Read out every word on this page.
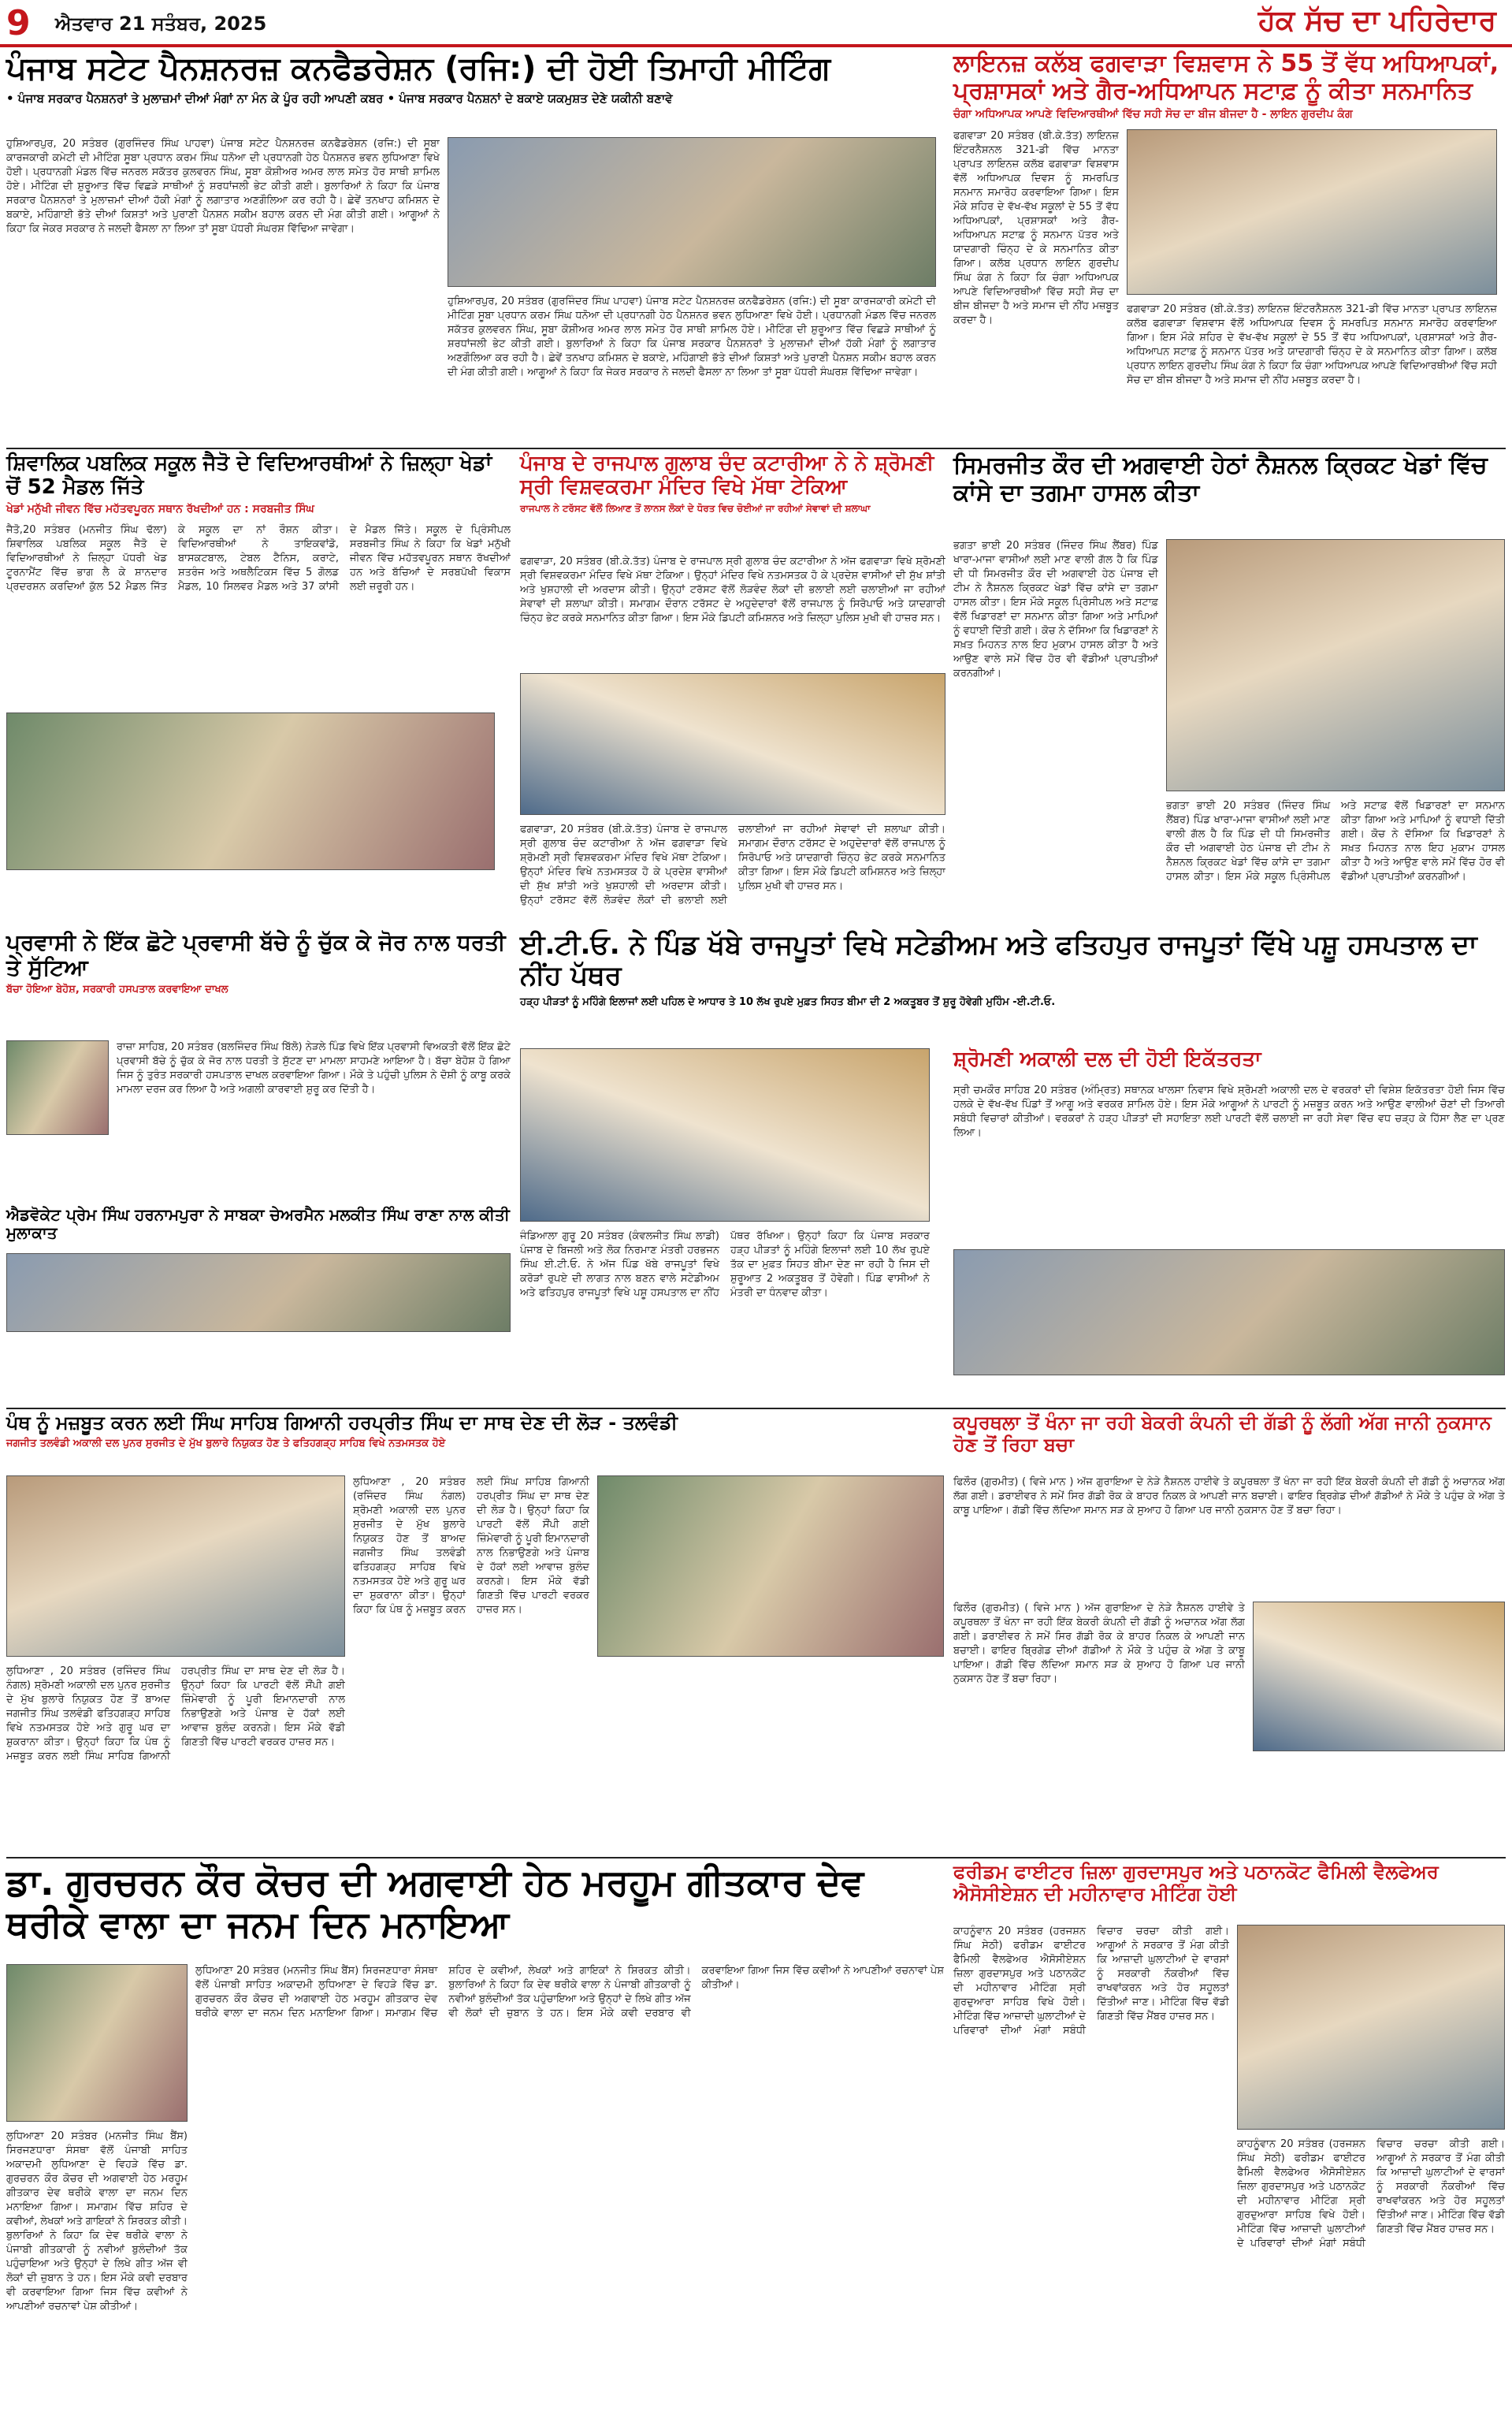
9 ਐਤਵਾਰ 21 ਸਤੰਬਰ, 2025	ਹੱਕ ਸੱਚ ਦਾ ਪਹਿਰੇਦਾਰ
ਪੰਜਾਬ ਸਟੇਟ ਪੈਨਸ਼ਨਰਜ਼ ਕਨਫੈਡਰੇਸ਼ਨ (ਰਜਿ:) ਦੀ ਹੋਈ ਤਿਮਾਹੀ ਮੀਟਿੰਗ
• ਪੰਜਾਬ ਸਰਕਾਰ ਪੈਨਸ਼ਨਰਾਂ ਤੇ ਮੁਲਾਜ਼ਮਾਂ ਦੀਆਂ ਮੰਗਾਂ ਨਾ ਮੰਨ ਕੇ ਪੂੰਰ ਰਹੀ ਆਪਣੀ ਕਬਰ • ਪੰਜਾਬ ਸਰਕਾਰ ਪੈਨਸ਼ਨਾਂ ਦੇ ਬਕਾਏ ਯਕਮੁਸ਼ਤ ਦੇਣੇ ਯਕੀਨੀ ਬਣਾਵੇ
ਹੁਸ਼ਿਆਰਪੁਰ, 20 ਸਤੰਬਰ (ਗੁਰਜਿੰਦਰ ਸਿੰਘ ਪਾਹਵਾ) ਪੰਜਾਬ ਸਟੇਟ ਪੈਨਸ਼ਨਰਜ਼ ਕਨਫੈਡਰੇਸ਼ਨ (ਰਜਿ:) ਦੀ ਸੂਬਾ ਕਾਰਜਕਾਰੀ ਕਮੇਟੀ ਦੀ ਮੀਟਿੰਗ ਸੂਬਾ ਪ੍ਰਧਾਨ ਕਰਮ ਸਿੰਘ ਧਨੋਆ ਦੀ ਪ੍ਰਧਾਨਗੀ ਹੇਠ ਪੈਨਸ਼ਨਰ ਭਵਨ ਲੁਧਿਆਣਾ ਵਿਖੇ ਹੋਈ। ਪ੍ਰਧਾਨਗੀ ਮੰਡਲ ਵਿੱਚ ਜਨਰਲ ਸਕੱਤਰ ਕੁਲਵਰਨ ਸਿੰਘ, ਸੂਬਾ ਕੋਸ਼ੀਅਰ ਅਮਰ ਲਾਲ ਸਮੇਤ ਹੋਰ ਸਾਥੀ ਸ਼ਾਮਿਲ ਹੋਏ। ਮੀਟਿੰਗ ਦੀ ਸ਼ੁਰੂਆਤ ਵਿੱਚ ਵਿਛੜੇ ਸਾਥੀਆਂ ਨੂੰ ਸ਼ਰਧਾਂਜਲੀ ਭੇਟ ਕੀਤੀ ਗਈ। ਬੁਲਾਰਿਆਂ ਨੇ ਕਿਹਾ ਕਿ ਪੰਜਾਬ ਸਰਕਾਰ ਪੈਨਸ਼ਨਰਾਂ ਤੇ ਮੁਲਾਜ਼ਮਾਂ ਦੀਆਂ ਹੱਕੀ ਮੰਗਾਂ ਨੂੰ ਲਗਾਤਾਰ ਅਣਗੌਲਿਆ ਕਰ ਰਹੀ ਹੈ। ਛੇਵੇਂ ਤਨਖਾਹ ਕਮਿਸ਼ਨ ਦੇ ਬਕਾਏ, ਮਹਿੰਗਾਈ ਭੱਤੇ ਦੀਆਂ ਕਿਸ਼ਤਾਂ ਅਤੇ ਪੁਰਾਣੀ ਪੈਨਸ਼ਨ ਸਕੀਮ ਬਹਾਲ ਕਰਨ ਦੀ ਮੰਗ ਕੀਤੀ ਗਈ। ਆਗੂਆਂ ਨੇ ਕਿਹਾ ਕਿ ਜੇਕਰ ਸਰਕਾਰ ਨੇ ਜਲਦੀ ਫੈਸਲਾ ਨਾ ਲਿਆ ਤਾਂ ਸੂਬਾ ਪੱਧਰੀ ਸੰਘਰਸ਼ ਵਿੱਢਿਆ ਜਾਵੇਗਾ।
ਹੁਸ਼ਿਆਰਪੁਰ, 20 ਸਤੰਬਰ (ਗੁਰਜਿੰਦਰ ਸਿੰਘ ਪਾਹਵਾ) ਪੰਜਾਬ ਸਟੇਟ ਪੈਨਸ਼ਨਰਜ਼ ਕਨਫੈਡਰੇਸ਼ਨ (ਰਜਿ:) ਦੀ ਸੂਬਾ ਕਾਰਜਕਾਰੀ ਕਮੇਟੀ ਦੀ ਮੀਟਿੰਗ ਸੂਬਾ ਪ੍ਰਧਾਨ ਕਰਮ ਸਿੰਘ ਧਨੋਆ ਦੀ ਪ੍ਰਧਾਨਗੀ ਹੇਠ ਪੈਨਸ਼ਨਰ ਭਵਨ ਲੁਧਿਆਣਾ ਵਿਖੇ ਹੋਈ। ਪ੍ਰਧਾਨਗੀ ਮੰਡਲ ਵਿੱਚ ਜਨਰਲ ਸਕੱਤਰ ਕੁਲਵਰਨ ਸਿੰਘ, ਸੂਬਾ ਕੋਸ਼ੀਅਰ ਅਮਰ ਲਾਲ ਸਮੇਤ ਹੋਰ ਸਾਥੀ ਸ਼ਾਮਿਲ ਹੋਏ। ਮੀਟਿੰਗ ਦੀ ਸ਼ੁਰੂਆਤ ਵਿੱਚ ਵਿਛੜੇ ਸਾਥੀਆਂ ਨੂੰ ਸ਼ਰਧਾਂਜਲੀ ਭੇਟ ਕੀਤੀ ਗਈ। ਬੁਲਾਰਿਆਂ ਨੇ ਕਿਹਾ ਕਿ ਪੰਜਾਬ ਸਰਕਾਰ ਪੈਨਸ਼ਨਰਾਂ ਤੇ ਮੁਲਾਜ਼ਮਾਂ ਦੀਆਂ ਹੱਕੀ ਮੰਗਾਂ ਨੂੰ ਲਗਾਤਾਰ ਅਣਗੌਲਿਆ ਕਰ ਰਹੀ ਹੈ। ਛੇਵੇਂ ਤਨਖਾਹ ਕਮਿਸ਼ਨ ਦੇ ਬਕਾਏ, ਮਹਿੰਗਾਈ ਭੱਤੇ ਦੀਆਂ ਕਿਸ਼ਤਾਂ ਅਤੇ ਪੁਰਾਣੀ ਪੈਨਸ਼ਨ ਸਕੀਮ ਬਹਾਲ ਕਰਨ ਦੀ ਮੰਗ ਕੀਤੀ ਗਈ। ਆਗੂਆਂ ਨੇ ਕਿਹਾ ਕਿ ਜੇਕਰ ਸਰਕਾਰ ਨੇ ਜਲਦੀ ਫੈਸਲਾ ਨਾ ਲਿਆ ਤਾਂ ਸੂਬਾ ਪੱਧਰੀ ਸੰਘਰਸ਼ ਵਿੱਢਿਆ ਜਾਵੇਗਾ।
ਲਾਇਨਜ਼ ਕਲੱਬ ਫਗਵਾੜਾ ਵਿਸ਼ਵਾਸ ਨੇ 55 ਤੋਂ ਵੱਧ ਅਧਿਆਪਕਾਂ, ਪ੍ਰਸ਼ਾਸਕਾਂ ਅਤੇ ਗੈਰ-ਅਧਿਆਪਨ ਸਟਾਫ਼ ਨੂੰ ਕੀਤਾ ਸਨਮਾਨਿਤ
ਚੰਗਾ ਅਧਿਆਪਕ ਆਪਣੇ ਵਿਦਿਆਰਥੀਆਂ ਵਿੱਚ ਸਹੀ ਸੋਚ ਦਾ ਬੀਜ ਬੀਜਦਾ ਹੈ - ਲਾਇਨ ਗੁਰਦੀਪ ਕੰਗ
ਫਗਵਾੜਾ 20 ਸਤੰਬਰ (ਬੀ.ਕੇ.ਤੱਤ) ਲਾਇਨਜ਼ ਇੰਟਰਨੈਸ਼ਨਲ 321-ਡੀ ਵਿੱਚ ਮਾਨਤਾ ਪ੍ਰਾਪਤ ਲਾਇਨਜ਼ ਕਲੱਬ ਫਗਵਾੜਾ ਵਿਸ਼ਵਾਸ ਵੱਲੋਂ ਅਧਿਆਪਕ ਦਿਵਸ ਨੂੰ ਸਮਰਪਿਤ ਸਨਮਾਨ ਸਮਾਰੋਹ ਕਰਵਾਇਆ ਗਿਆ। ਇਸ ਮੌਕੇ ਸ਼ਹਿਰ ਦੇ ਵੱਖ-ਵੱਖ ਸਕੂਲਾਂ ਦੇ 55 ਤੋਂ ਵੱਧ ਅਧਿਆਪਕਾਂ, ਪ੍ਰਸ਼ਾਸਕਾਂ ਅਤੇ ਗੈਰ-ਅਧਿਆਪਨ ਸਟਾਫ਼ ਨੂੰ ਸਨਮਾਨ ਪੱਤਰ ਅਤੇ ਯਾਦਗਾਰੀ ਚਿੰਨ੍ਹ ਦੇ ਕੇ ਸਨਮਾਨਿਤ ਕੀਤਾ ਗਿਆ। ਕਲੱਬ ਪ੍ਰਧਾਨ ਲਾਇਨ ਗੁਰਦੀਪ ਸਿੰਘ ਕੰਗ ਨੇ ਕਿਹਾ ਕਿ ਚੰਗਾ ਅਧਿਆਪਕ ਆਪਣੇ ਵਿਦਿਆਰਥੀਆਂ ਵਿੱਚ ਸਹੀ ਸੋਚ ਦਾ ਬੀਜ ਬੀਜਦਾ ਹੈ ਅਤੇ ਸਮਾਜ ਦੀ ਨੀਂਹ ਮਜ਼ਬੂਤ ਕਰਦਾ ਹੈ।
ਫਗਵਾੜਾ 20 ਸਤੰਬਰ (ਬੀ.ਕੇ.ਤੱਤ) ਲਾਇਨਜ਼ ਇੰਟਰਨੈਸ਼ਨਲ 321-ਡੀ ਵਿੱਚ ਮਾਨਤਾ ਪ੍ਰਾਪਤ ਲਾਇਨਜ਼ ਕਲੱਬ ਫਗਵਾੜਾ ਵਿਸ਼ਵਾਸ ਵੱਲੋਂ ਅਧਿਆਪਕ ਦਿਵਸ ਨੂੰ ਸਮਰਪਿਤ ਸਨਮਾਨ ਸਮਾਰੋਹ ਕਰਵਾਇਆ ਗਿਆ। ਇਸ ਮੌਕੇ ਸ਼ਹਿਰ ਦੇ ਵੱਖ-ਵੱਖ ਸਕੂਲਾਂ ਦੇ 55 ਤੋਂ ਵੱਧ ਅਧਿਆਪਕਾਂ, ਪ੍ਰਸ਼ਾਸਕਾਂ ਅਤੇ ਗੈਰ-ਅਧਿਆਪਨ ਸਟਾਫ਼ ਨੂੰ ਸਨਮਾਨ ਪੱਤਰ ਅਤੇ ਯਾਦਗਾਰੀ ਚਿੰਨ੍ਹ ਦੇ ਕੇ ਸਨਮਾਨਿਤ ਕੀਤਾ ਗਿਆ। ਕਲੱਬ ਪ੍ਰਧਾਨ ਲਾਇਨ ਗੁਰਦੀਪ ਸਿੰਘ ਕੰਗ ਨੇ ਕਿਹਾ ਕਿ ਚੰਗਾ ਅਧਿਆਪਕ ਆਪਣੇ ਵਿਦਿਆਰਥੀਆਂ ਵਿੱਚ ਸਹੀ ਸੋਚ ਦਾ ਬੀਜ ਬੀਜਦਾ ਹੈ ਅਤੇ ਸਮਾਜ ਦੀ ਨੀਂਹ ਮਜ਼ਬੂਤ ਕਰਦਾ ਹੈ।
ਸ਼ਿਵਾਲਿਕ ਪਬਲਿਕ ਸਕੂਲ ਜੈਤੋ ਦੇ ਵਿਦਿਆਰਥੀਆਂ ਨੇ ਜ਼ਿਲ੍ਹਾ ਖੇਡਾਂ ਚੋਂ 52 ਮੈਡਲ ਜਿੱਤੇ
ਖੇਡਾਂ ਮਨੁੱਖੀ ਜੀਵਨ ਵਿੱਚ ਮਹੱਤਵਪੂਰਨ ਸਥਾਨ ਰੱਖਦੀਆਂ ਹਨ : ਸਰਬਜੀਤ ਸਿੰਘ
ਜੈਤੋ,20 ਸਤੰਬਰ (ਮਨਜੀਤ ਸਿੰਘ ਢੱਲਾ) ਸ਼ਿਵਾਲਿਕ ਪਬਲਿਕ ਸਕੂਲ ਜੈਤੋ ਦੇ ਵਿਦਿਆਰਥੀਆਂ ਨੇ ਜ਼ਿਲ੍ਹਾ ਪੱਧਰੀ ਖੇਡ ਟੂਰਨਾਮੈਂਟ ਵਿੱਚ ਭਾਗ ਲੈ ਕੇ ਸ਼ਾਨਦਾਰ ਪ੍ਰਦਰਸ਼ਨ ਕਰਦਿਆਂ ਕੁੱਲ 52 ਮੈਡਲ ਜਿੱਤ ਕੇ ਸਕੂਲ ਦਾ ਨਾਂ ਰੌਸ਼ਨ ਕੀਤਾ। ਵਿਦਿਆਰਥੀਆਂ ਨੇ ਤਾਇਕਵਾਂਡੋ, ਬਾਸਕਟਬਾਲ, ਟੇਬਲ ਟੈਨਿਸ, ਕਰਾਟੇ, ਸ਼ਤਰੰਜ ਅਤੇ ਅਥਲੈਟਿਕਸ ਵਿੱਚ 5 ਗੋਲਡ ਮੈਡਲ, 10 ਸਿਲਵਰ ਮੈਡਲ ਅਤੇ 37 ਕਾਂਸੀ ਦੇ ਮੈਡਲ ਜਿੱਤੇ। ਸਕੂਲ ਦੇ ਪ੍ਰਿੰਸੀਪਲ ਸਰਬਜੀਤ ਸਿੰਘ ਨੇ ਕਿਹਾ ਕਿ ਖੇਡਾਂ ਮਨੁੱਖੀ ਜੀਵਨ ਵਿੱਚ ਮਹੱਤਵਪੂਰਨ ਸਥਾਨ ਰੱਖਦੀਆਂ ਹਨ ਅਤੇ ਬੱਚਿਆਂ ਦੇ ਸਰਬਪੱਖੀ ਵਿਕਾਸ ਲਈ ਜ਼ਰੂਰੀ ਹਨ।
ਪੰਜਾਬ ਦੇ ਰਾਜਪਾਲ ਗੁਲਾਬ ਚੰਦ ਕਟਾਰੀਆ ਨੇ ਨੇ ਸ਼੍ਰੋਮਣੀ ਸ੍ਰੀ ਵਿਸ਼ਵਕਰਮਾ ਮੰਦਿਰ ਵਿਖੇ ਮੱਥਾ ਟੇਕਿਆ
ਰਾਜਪਾਲ ਨੇ ਟਰੱਸਟ ਵੱਲੋਂ ਲਿਆਣ ਤੋਂ ਲਾਨਸ ਲੋਕਾਂ ਦੇ ਧੋਰਤ ਵਿਚ ਚੋਈਆਂ ਜਾ ਰਹੀਆਂ ਸੇਵਾਵਾਂ ਦੀ ਸ਼ਲਾਘਾ
ਫਗਵਾੜਾ, 20 ਸਤੰਬਰ (ਬੀ.ਕੇ.ਤੱਤ) ਪੰਜਾਬ ਦੇ ਰਾਜਪਾਲ ਸ੍ਰੀ ਗੁਲਾਬ ਚੰਦ ਕਟਾਰੀਆ ਨੇ ਅੱਜ ਫਗਵਾੜਾ ਵਿਖੇ ਸ਼੍ਰੋਮਣੀ ਸ੍ਰੀ ਵਿਸ਼ਵਕਰਮਾ ਮੰਦਿਰ ਵਿਖੇ ਮੱਥਾ ਟੇਕਿਆ। ਉਨ੍ਹਾਂ ਮੰਦਿਰ ਵਿਖੇ ਨਤਮਸਤਕ ਹੋ ਕੇ ਪ੍ਰਦੇਸ਼ ਵਾਸੀਆਂ ਦੀ ਸੁੱਖ ਸ਼ਾਂਤੀ ਅਤੇ ਖੁਸ਼ਹਾਲੀ ਦੀ ਅਰਦਾਸ ਕੀਤੀ। ਉਨ੍ਹਾਂ ਟਰੱਸਟ ਵੱਲੋਂ ਲੋੜਵੰਦ ਲੋਕਾਂ ਦੀ ਭਲਾਈ ਲਈ ਚਲਾਈਆਂ ਜਾ ਰਹੀਆਂ ਸੇਵਾਵਾਂ ਦੀ ਸ਼ਲਾਘਾ ਕੀਤੀ। ਸਮਾਗਮ ਦੌਰਾਨ ਟਰੱਸਟ ਦੇ ਅਹੁਦੇਦਾਰਾਂ ਵੱਲੋਂ ਰਾਜਪਾਲ ਨੂੰ ਸਿਰੋਪਾਓ ਅਤੇ ਯਾਦਗਾਰੀ ਚਿੰਨ੍ਹ ਭੇਟ ਕਰਕੇ ਸਨਮਾਨਿਤ ਕੀਤਾ ਗਿਆ। ਇਸ ਮੌਕੇ ਡਿਪਟੀ ਕਮਿਸ਼ਨਰ ਅਤੇ ਜ਼ਿਲ੍ਹਾ ਪੁਲਿਸ ਮੁਖੀ ਵੀ ਹਾਜ਼ਰ ਸਨ।
ਫਗਵਾੜਾ, 20 ਸਤੰਬਰ (ਬੀ.ਕੇ.ਤੱਤ) ਪੰਜਾਬ ਦੇ ਰਾਜਪਾਲ ਸ੍ਰੀ ਗੁਲਾਬ ਚੰਦ ਕਟਾਰੀਆ ਨੇ ਅੱਜ ਫਗਵਾੜਾ ਵਿਖੇ ਸ਼੍ਰੋਮਣੀ ਸ੍ਰੀ ਵਿਸ਼ਵਕਰਮਾ ਮੰਦਿਰ ਵਿਖੇ ਮੱਥਾ ਟੇਕਿਆ। ਉਨ੍ਹਾਂ ਮੰਦਿਰ ਵਿਖੇ ਨਤਮਸਤਕ ਹੋ ਕੇ ਪ੍ਰਦੇਸ਼ ਵਾਸੀਆਂ ਦੀ ਸੁੱਖ ਸ਼ਾਂਤੀ ਅਤੇ ਖੁਸ਼ਹਾਲੀ ਦੀ ਅਰਦਾਸ ਕੀਤੀ। ਉਨ੍ਹਾਂ ਟਰੱਸਟ ਵੱਲੋਂ ਲੋੜਵੰਦ ਲੋਕਾਂ ਦੀ ਭਲਾਈ ਲਈ ਚਲਾਈਆਂ ਜਾ ਰਹੀਆਂ ਸੇਵਾਵਾਂ ਦੀ ਸ਼ਲਾਘਾ ਕੀਤੀ। ਸਮਾਗਮ ਦੌਰਾਨ ਟਰੱਸਟ ਦੇ ਅਹੁਦੇਦਾਰਾਂ ਵੱਲੋਂ ਰਾਜਪਾਲ ਨੂੰ ਸਿਰੋਪਾਓ ਅਤੇ ਯਾਦਗਾਰੀ ਚਿੰਨ੍ਹ ਭੇਟ ਕਰਕੇ ਸਨਮਾਨਿਤ ਕੀਤਾ ਗਿਆ। ਇਸ ਮੌਕੇ ਡਿਪਟੀ ਕਮਿਸ਼ਨਰ ਅਤੇ ਜ਼ਿਲ੍ਹਾ ਪੁਲਿਸ ਮੁਖੀ ਵੀ ਹਾਜ਼ਰ ਸਨ।
ਸਿਮਰਜੀਤ ਕੌਰ ਦੀ ਅਗਵਾਈ ਹੇਠਾਂ ਨੈਸ਼ਨਲ ਕ੍ਰਿਕਟ ਖੇਡਾਂ ਵਿੱਚ ਕਾਂਸੇ ਦਾ ਤਗਮਾ ਹਾਸਲ ਕੀਤਾ
ਭਗਤਾ ਭਾਈ 20 ਸਤੰਬਰ (ਜਿੰਦਰ ਸਿੰਘ ਲੈਂਬਰ) ਪਿੰਡ ਖਾਰਾ-ਮਾਜਾ ਵਾਸੀਆਂ ਲਈ ਮਾਣ ਵਾਲੀ ਗੱਲ ਹੈ ਕਿ ਪਿੰਡ ਦੀ ਧੀ ਸਿਮਰਜੀਤ ਕੌਰ ਦੀ ਅਗਵਾਈ ਹੇਠ ਪੰਜਾਬ ਦੀ ਟੀਮ ਨੇ ਨੈਸ਼ਨਲ ਕ੍ਰਿਕਟ ਖੇਡਾਂ ਵਿੱਚ ਕਾਂਸੇ ਦਾ ਤਗਮਾ ਹਾਸਲ ਕੀਤਾ। ਇਸ ਮੌਕੇ ਸਕੂਲ ਪ੍ਰਿੰਸੀਪਲ ਅਤੇ ਸਟਾਫ਼ ਵੱਲੋਂ ਖਿਡਾਰਣਾਂ ਦਾ ਸਨਮਾਨ ਕੀਤਾ ਗਿਆ ਅਤੇ ਮਾਪਿਆਂ ਨੂੰ ਵਧਾਈ ਦਿੱਤੀ ਗਈ। ਕੋਚ ਨੇ ਦੱਸਿਆ ਕਿ ਖਿਡਾਰਣਾਂ ਨੇ ਸਖ਼ਤ ਮਿਹਨਤ ਨਾਲ ਇਹ ਮੁਕਾਮ ਹਾਸਲ ਕੀਤਾ ਹੈ ਅਤੇ ਆਉਣ ਵਾਲੇ ਸਮੇਂ ਵਿੱਚ ਹੋਰ ਵੀ ਵੱਡੀਆਂ ਪ੍ਰਾਪਤੀਆਂ ਕਰਨਗੀਆਂ।
ਭਗਤਾ ਭਾਈ 20 ਸਤੰਬਰ (ਜਿੰਦਰ ਸਿੰਘ ਲੈਂਬਰ) ਪਿੰਡ ਖਾਰਾ-ਮਾਜਾ ਵਾਸੀਆਂ ਲਈ ਮਾਣ ਵਾਲੀ ਗੱਲ ਹੈ ਕਿ ਪਿੰਡ ਦੀ ਧੀ ਸਿਮਰਜੀਤ ਕੌਰ ਦੀ ਅਗਵਾਈ ਹੇਠ ਪੰਜਾਬ ਦੀ ਟੀਮ ਨੇ ਨੈਸ਼ਨਲ ਕ੍ਰਿਕਟ ਖੇਡਾਂ ਵਿੱਚ ਕਾਂਸੇ ਦਾ ਤਗਮਾ ਹਾਸਲ ਕੀਤਾ। ਇਸ ਮੌਕੇ ਸਕੂਲ ਪ੍ਰਿੰਸੀਪਲ ਅਤੇ ਸਟਾਫ਼ ਵੱਲੋਂ ਖਿਡਾਰਣਾਂ ਦਾ ਸਨਮਾਨ ਕੀਤਾ ਗਿਆ ਅਤੇ ਮਾਪਿਆਂ ਨੂੰ ਵਧਾਈ ਦਿੱਤੀ ਗਈ। ਕੋਚ ਨੇ ਦੱਸਿਆ ਕਿ ਖਿਡਾਰਣਾਂ ਨੇ ਸਖ਼ਤ ਮਿਹਨਤ ਨਾਲ ਇਹ ਮੁਕਾਮ ਹਾਸਲ ਕੀਤਾ ਹੈ ਅਤੇ ਆਉਣ ਵਾਲੇ ਸਮੇਂ ਵਿੱਚ ਹੋਰ ਵੀ ਵੱਡੀਆਂ ਪ੍ਰਾਪਤੀਆਂ ਕਰਨਗੀਆਂ।
ਪ੍ਰਵਾਸੀ ਨੇ ਇੱਕ ਛੋਟੇ ਪ੍ਰਵਾਸੀ ਬੱਚੇ ਨੂੰ ਚੁੱਕ ਕੇ ਜੋਰ ਨਾਲ ਧਰਤੀ ਤੇ ਸੁੱਟਿਆ
ਬੱਚਾ ਹੋਇਆ ਬੇਹੋਸ਼, ਸਰਕਾਰੀ ਹਸਪਤਾਲ ਕਰਵਾਇਆ ਦਾਖਲ
ਰਾਜ਼ਾ ਸਾਹਿਬ, 20 ਸਤੰਬਰ (ਬਲਜਿੰਦਰ ਸਿੰਘ ਬਿੱਲੋ) ਨੇੜਲੇ ਪਿੰਡ ਵਿਖੇ ਇੱਕ ਪ੍ਰਵਾਸੀ ਵਿਅਕਤੀ ਵੱਲੋਂ ਇੱਕ ਛੋਟੇ ਪ੍ਰਵਾਸੀ ਬੱਚੇ ਨੂੰ ਚੁੱਕ ਕੇ ਜੋਰ ਨਾਲ ਧਰਤੀ ਤੇ ਸੁੱਟਣ ਦਾ ਮਾਮਲਾ ਸਾਹਮਣੇ ਆਇਆ ਹੈ। ਬੱਚਾ ਬੇਹੋਸ਼ ਹੋ ਗਿਆ ਜਿਸ ਨੂੰ ਤੁਰੰਤ ਸਰਕਾਰੀ ਹਸਪਤਾਲ ਦਾਖਲ ਕਰਵਾਇਆ ਗਿਆ। ਮੌਕੇ ਤੇ ਪਹੁੰਚੀ ਪੁਲਿਸ ਨੇ ਦੋਸ਼ੀ ਨੂੰ ਕਾਬੂ ਕਰਕੇ ਮਾਮਲਾ ਦਰਜ ਕਰ ਲਿਆ ਹੈ ਅਤੇ ਅਗਲੀ ਕਾਰਵਾਈ ਸ਼ੁਰੂ ਕਰ ਦਿੱਤੀ ਹੈ।
ਐਡਵੋਕੇਟ ਪ੍ਰੇਮ ਸਿੰਘ ਹਰਨਾਮਪੁਰਾ ਨੇ ਸਾਬਕਾ ਚੇਅਰਮੈਨ ਮਲਕੀਤ ਸਿੰਘ ਰਾਣਾ ਨਾਲ ਕੀਤੀ ਮੁਲਾਕਾਤ
ਈ.ਟੀ.ਓ. ਨੇ ਪਿੰਡ ਖੱਬੇ ਰਾਜਪੂਤਾਂ ਵਿਖੇ ਸਟੇਡੀਅਮ ਅਤੇ ਫਤਿਹਪੁਰ ਰਾਜਪੂਤਾਂ ਵਿੱਖੇ ਪਸ਼ੂ ਹਸਪਤਾਲ ਦਾ ਨੀਂਹ ਪੱਥਰ
ਹੜ੍ਹ ਪੀੜਤਾਂ ਨੂੰ ਮਹਿੰਗੇ ਇਲਾਜਾਂ ਲਈ ਪਹਿਲ ਦੇ ਆਧਾਰ ਤੇ 10 ਲੱਖ ਰੁਪਏ ਮੁਫ਼ਤ ਸਿਹਤ ਬੀਮਾ ਦੀ 2 ਅਕਤੂਬਰ ਤੋਂ ਸ਼ੁਰੂ ਹੋਵੇਗੀ ਮੁਹਿੰਮ -ਈ.ਟੀ.ਓ.
ਜੰਡਿਆਲਾ ਗੁਰੂ 20 ਸਤੰਬਰ (ਕੰਵਲਜੀਤ ਸਿੰਘ ਲਾਡੀ) ਪੰਜਾਬ ਦੇ ਬਿਜਲੀ ਅਤੇ ਲੋਕ ਨਿਰਮਾਣ ਮੰਤਰੀ ਹਰਭਜਨ ਸਿੰਘ ਈ.ਟੀ.ਓ. ਨੇ ਅੱਜ ਪਿੰਡ ਖੱਬੇ ਰਾਜਪੂਤਾਂ ਵਿਖੇ ਕਰੋੜਾਂ ਰੁਪਏ ਦੀ ਲਾਗਤ ਨਾਲ ਬਣਨ ਵਾਲੇ ਸਟੇਡੀਅਮ ਅਤੇ ਫਤਿਹਪੁਰ ਰਾਜਪੂਤਾਂ ਵਿਖੇ ਪਸ਼ੂ ਹਸਪਤਾਲ ਦਾ ਨੀਂਹ ਪੱਥਰ ਰੱਖਿਆ। ਉਨ੍ਹਾਂ ਕਿਹਾ ਕਿ ਪੰਜਾਬ ਸਰਕਾਰ ਹੜ੍ਹ ਪੀੜਤਾਂ ਨੂੰ ਮਹਿੰਗੇ ਇਲਾਜਾਂ ਲਈ 10 ਲੱਖ ਰੁਪਏ ਤੱਕ ਦਾ ਮੁਫ਼ਤ ਸਿਹਤ ਬੀਮਾ ਦੇਣ ਜਾ ਰਹੀ ਹੈ ਜਿਸ ਦੀ ਸ਼ੁਰੂਆਤ 2 ਅਕਤੂਬਰ ਤੋਂ ਹੋਵੇਗੀ। ਪਿੰਡ ਵਾਸੀਆਂ ਨੇ ਮੰਤਰੀ ਦਾ ਧੰਨਵਾਦ ਕੀਤਾ।
ਸ਼੍ਰੋਮਣੀ ਅਕਾਲੀ ਦਲ ਦੀ ਹੋਈ ਇਕੱਤਰਤਾ
ਸ੍ਰੀ ਚਮਕੌਰ ਸਾਹਿਬ 20 ਸਤੰਬਰ (ਅੰਮ੍ਰਿਤ) ਸਥਾਨਕ ਖਾਲਸਾ ਨਿਵਾਸ ਵਿਖੇ ਸ਼੍ਰੋਮਣੀ ਅਕਾਲੀ ਦਲ ਦੇ ਵਰਕਰਾਂ ਦੀ ਵਿਸ਼ੇਸ਼ ਇਕੱਤਰਤਾ ਹੋਈ ਜਿਸ ਵਿੱਚ ਹਲਕੇ ਦੇ ਵੱਖ-ਵੱਖ ਪਿੰਡਾਂ ਤੋਂ ਆਗੂ ਅਤੇ ਵਰਕਰ ਸ਼ਾਮਿਲ ਹੋਏ। ਇਸ ਮੌਕੇ ਆਗੂਆਂ ਨੇ ਪਾਰਟੀ ਨੂੰ ਮਜ਼ਬੂਤ ਕਰਨ ਅਤੇ ਆਉਣ ਵਾਲੀਆਂ ਚੋਣਾਂ ਦੀ ਤਿਆਰੀ ਸਬੰਧੀ ਵਿਚਾਰਾਂ ਕੀਤੀਆਂ। ਵਰਕਰਾਂ ਨੇ ਹੜ੍ਹ ਪੀੜਤਾਂ ਦੀ ਸਹਾਇਤਾ ਲਈ ਪਾਰਟੀ ਵੱਲੋਂ ਚਲਾਈ ਜਾ ਰਹੀ ਸੇਵਾ ਵਿੱਚ ਵਧ ਚੜ੍ਹ ਕੇ ਹਿੱਸਾ ਲੈਣ ਦਾ ਪ੍ਰਣ ਲਿਆ।
ਪੰਥ ਨੂੰ ਮਜ਼ਬੂਤ ਕਰਨ ਲਈ ਸਿੰਘ ਸਾਹਿਬ ਗਿਆਨੀ ਹਰਪ੍ਰੀਤ ਸਿੰਘ ਦਾ ਸਾਥ ਦੇਣ ਦੀ ਲੋੜ - ਤਲਵੰਡੀ
ਜਗਜੀਤ ਤਲਵੰਡੀ ਅਕਾਲੀ ਦਲ ਪੁਨਰ ਸੁਰਜੀਤ ਦੇ ਮੁੱਖ ਬੁਲਾਰੇ ਨਿਯੁਕਤ ਹੋਣ ਤੇ ਫਤਿਹਗੜ੍ਹ ਸਾਹਿਬ ਵਿਖੇ ਨਤਮਸਤਕ ਹੋਏ
ਲੁਧਿਆਣਾ , 20 ਸਤੰਬਰ (ਰਜਿੰਦਰ ਸਿੰਘ ਨੰਗਲ) ਸ਼੍ਰੋਮਣੀ ਅਕਾਲੀ ਦਲ ਪੁਨਰ ਸੁਰਜੀਤ ਦੇ ਮੁੱਖ ਬੁਲਾਰੇ ਨਿਯੁਕਤ ਹੋਣ ਤੋਂ ਬਾਅਦ ਜਗਜੀਤ ਸਿੰਘ ਤਲਵੰਡੀ ਫਤਿਹਗੜ੍ਹ ਸਾਹਿਬ ਵਿਖੇ ਨਤਮਸਤਕ ਹੋਏ ਅਤੇ ਗੁਰੂ ਘਰ ਦਾ ਸ਼ੁਕਰਾਨਾ ਕੀਤਾ। ਉਨ੍ਹਾਂ ਕਿਹਾ ਕਿ ਪੰਥ ਨੂੰ ਮਜ਼ਬੂਤ ਕਰਨ ਲਈ ਸਿੰਘ ਸਾਹਿਬ ਗਿਆਨੀ ਹਰਪ੍ਰੀਤ ਸਿੰਘ ਦਾ ਸਾਥ ਦੇਣ ਦੀ ਲੋੜ ਹੈ। ਉਨ੍ਹਾਂ ਕਿਹਾ ਕਿ ਪਾਰਟੀ ਵੱਲੋਂ ਸੌਂਪੀ ਗਈ ਜ਼ਿੰਮੇਵਾਰੀ ਨੂੰ ਪੂਰੀ ਇਮਾਨਦਾਰੀ ਨਾਲ ਨਿਭਾਉਣਗੇ ਅਤੇ ਪੰਜਾਬ ਦੇ ਹੱਕਾਂ ਲਈ ਆਵਾਜ਼ ਬੁਲੰਦ ਕਰਨਗੇ। ਇਸ ਮੌਕੇ ਵੱਡੀ ਗਿਣਤੀ ਵਿੱਚ ਪਾਰਟੀ ਵਰਕਰ ਹਾਜ਼ਰ ਸਨ।
ਲੁਧਿਆਣਾ , 20 ਸਤੰਬਰ (ਰਜਿੰਦਰ ਸਿੰਘ ਨੰਗਲ) ਸ਼੍ਰੋਮਣੀ ਅਕਾਲੀ ਦਲ ਪੁਨਰ ਸੁਰਜੀਤ ਦੇ ਮੁੱਖ ਬੁਲਾਰੇ ਨਿਯੁਕਤ ਹੋਣ ਤੋਂ ਬਾਅਦ ਜਗਜੀਤ ਸਿੰਘ ਤਲਵੰਡੀ ਫਤਿਹਗੜ੍ਹ ਸਾਹਿਬ ਵਿਖੇ ਨਤਮਸਤਕ ਹੋਏ ਅਤੇ ਗੁਰੂ ਘਰ ਦਾ ਸ਼ੁਕਰਾਨਾ ਕੀਤਾ। ਉਨ੍ਹਾਂ ਕਿਹਾ ਕਿ ਪੰਥ ਨੂੰ ਮਜ਼ਬੂਤ ਕਰਨ ਲਈ ਸਿੰਘ ਸਾਹਿਬ ਗਿਆਨੀ ਹਰਪ੍ਰੀਤ ਸਿੰਘ ਦਾ ਸਾਥ ਦੇਣ ਦੀ ਲੋੜ ਹੈ। ਉਨ੍ਹਾਂ ਕਿਹਾ ਕਿ ਪਾਰਟੀ ਵੱਲੋਂ ਸੌਂਪੀ ਗਈ ਜ਼ਿੰਮੇਵਾਰੀ ਨੂੰ ਪੂਰੀ ਇਮਾਨਦਾਰੀ ਨਾਲ ਨਿਭਾਉਣਗੇ ਅਤੇ ਪੰਜਾਬ ਦੇ ਹੱਕਾਂ ਲਈ ਆਵਾਜ਼ ਬੁਲੰਦ ਕਰਨਗੇ। ਇਸ ਮੌਕੇ ਵੱਡੀ ਗਿਣਤੀ ਵਿੱਚ ਪਾਰਟੀ ਵਰਕਰ ਹਾਜ਼ਰ ਸਨ।
ਕਪੂਰਥਲਾ ਤੋਂ ਖੰਨਾ ਜਾ ਰਹੀ ਬੇਕਰੀ ਕੰਪਨੀ ਦੀ ਗੱਡੀ ਨੂੰ ਲੱਗੀ ਅੱਗ ਜਾਨੀ ਨੁਕਸਾਨ ਹੋਣ ਤੋਂ ਰਿਹਾ ਬਚਾ
ਫਿਲੌਰ (ਗੁਰਮੀਤ) ( ਵਿਜੇ ਮਾਨ ) ਅੱਜ ਗੁਰਾਇਆ ਦੇ ਨੇੜੇ ਨੈਸ਼ਨਲ ਹਾਈਵੇ ਤੇ ਕਪੂਰਥਲਾ ਤੋਂ ਖੰਨਾ ਜਾ ਰਹੀ ਇੱਕ ਬੇਕਰੀ ਕੰਪਨੀ ਦੀ ਗੱਡੀ ਨੂੰ ਅਚਾਨਕ ਅੱਗ ਲੱਗ ਗਈ। ਡਰਾਈਵਰ ਨੇ ਸਮੇਂ ਸਿਰ ਗੱਡੀ ਰੋਕ ਕੇ ਬਾਹਰ ਨਿਕਲ ਕੇ ਆਪਣੀ ਜਾਨ ਬਚਾਈ। ਫਾਇਰ ਬ੍ਰਿਗੇਡ ਦੀਆਂ ਗੱਡੀਆਂ ਨੇ ਮੌਕੇ ਤੇ ਪਹੁੰਚ ਕੇ ਅੱਗ ਤੇ ਕਾਬੂ ਪਾਇਆ। ਗੱਡੀ ਵਿੱਚ ਲੱਦਿਆ ਸਮਾਨ ਸੜ ਕੇ ਸੁਆਹ ਹੋ ਗਿਆ ਪਰ ਜਾਨੀ ਨੁਕਸਾਨ ਹੋਣ ਤੋਂ ਬਚਾ ਰਿਹਾ।
ਫਿਲੌਰ (ਗੁਰਮੀਤ) ( ਵਿਜੇ ਮਾਨ ) ਅੱਜ ਗੁਰਾਇਆ ਦੇ ਨੇੜੇ ਨੈਸ਼ਨਲ ਹਾਈਵੇ ਤੇ ਕਪੂਰਥਲਾ ਤੋਂ ਖੰਨਾ ਜਾ ਰਹੀ ਇੱਕ ਬੇਕਰੀ ਕੰਪਨੀ ਦੀ ਗੱਡੀ ਨੂੰ ਅਚਾਨਕ ਅੱਗ ਲੱਗ ਗਈ। ਡਰਾਈਵਰ ਨੇ ਸਮੇਂ ਸਿਰ ਗੱਡੀ ਰੋਕ ਕੇ ਬਾਹਰ ਨਿਕਲ ਕੇ ਆਪਣੀ ਜਾਨ ਬਚਾਈ। ਫਾਇਰ ਬ੍ਰਿਗੇਡ ਦੀਆਂ ਗੱਡੀਆਂ ਨੇ ਮੌਕੇ ਤੇ ਪਹੁੰਚ ਕੇ ਅੱਗ ਤੇ ਕਾਬੂ ਪਾਇਆ। ਗੱਡੀ ਵਿੱਚ ਲੱਦਿਆ ਸਮਾਨ ਸੜ ਕੇ ਸੁਆਹ ਹੋ ਗਿਆ ਪਰ ਜਾਨੀ ਨੁਕਸਾਨ ਹੋਣ ਤੋਂ ਬਚਾ ਰਿਹਾ।
ਡਾ. ਗੁਰਚਰਨ ਕੌਰ ਕੋਚਰ ਦੀ ਅਗਵਾਈ ਹੇਠ ਮਰਹੂਮ ਗੀਤਕਾਰ ਦੇਵ ਥਰੀਕੇ ਵਾਲਾ ਦਾ ਜਨਮ ਦਿਨ ਮਨਾਇਆ
ਲੁਧਿਆਣਾ 20 ਸਤੰਬਰ (ਮਨਜੀਤ ਸਿੰਘ ਬੈਂਸ) ਸਿਰਜਣਧਾਰਾ ਸੰਸਥਾ ਵੱਲੋਂ ਪੰਜਾਬੀ ਸਾਹਿਤ ਅਕਾਦਮੀ ਲੁਧਿਆਣਾ ਦੇ ਵਿਹੜੇ ਵਿੱਚ ਡਾ. ਗੁਰਚਰਨ ਕੌਰ ਕੋਚਰ ਦੀ ਅਗਵਾਈ ਹੇਠ ਮਰਹੂਮ ਗੀਤਕਾਰ ਦੇਵ ਥਰੀਕੇ ਵਾਲਾ ਦਾ ਜਨਮ ਦਿਨ ਮਨਾਇਆ ਗਿਆ। ਸਮਾਗਮ ਵਿੱਚ ਸ਼ਹਿਰ ਦੇ ਕਵੀਆਂ, ਲੇਖਕਾਂ ਅਤੇ ਗਾਇਕਾਂ ਨੇ ਸ਼ਿਰਕਤ ਕੀਤੀ। ਬੁਲਾਰਿਆਂ ਨੇ ਕਿਹਾ ਕਿ ਦੇਵ ਥਰੀਕੇ ਵਾਲਾ ਨੇ ਪੰਜਾਬੀ ਗੀਤਕਾਰੀ ਨੂੰ ਨਵੀਆਂ ਬੁਲੰਦੀਆਂ ਤੱਕ ਪਹੁੰਚਾਇਆ ਅਤੇ ਉਨ੍ਹਾਂ ਦੇ ਲਿਖੇ ਗੀਤ ਅੱਜ ਵੀ ਲੋਕਾਂ ਦੀ ਜ਼ੁਬਾਨ ਤੇ ਹਨ। ਇਸ ਮੌਕੇ ਕਵੀ ਦਰਬਾਰ ਵੀ ਕਰਵਾਇਆ ਗਿਆ ਜਿਸ ਵਿੱਚ ਕਵੀਆਂ ਨੇ ਆਪਣੀਆਂ ਰਚਨਾਵਾਂ ਪੇਸ਼ ਕੀਤੀਆਂ।
ਲੁਧਿਆਣਾ 20 ਸਤੰਬਰ (ਮਨਜੀਤ ਸਿੰਘ ਬੈਂਸ) ਸਿਰਜਣਧਾਰਾ ਸੰਸਥਾ ਵੱਲੋਂ ਪੰਜਾਬੀ ਸਾਹਿਤ ਅਕਾਦਮੀ ਲੁਧਿਆਣਾ ਦੇ ਵਿਹੜੇ ਵਿੱਚ ਡਾ. ਗੁਰਚਰਨ ਕੌਰ ਕੋਚਰ ਦੀ ਅਗਵਾਈ ਹੇਠ ਮਰਹੂਮ ਗੀਤਕਾਰ ਦੇਵ ਥਰੀਕੇ ਵਾਲਾ ਦਾ ਜਨਮ ਦਿਨ ਮਨਾਇਆ ਗਿਆ। ਸਮਾਗਮ ਵਿੱਚ ਸ਼ਹਿਰ ਦੇ ਕਵੀਆਂ, ਲੇਖਕਾਂ ਅਤੇ ਗਾਇਕਾਂ ਨੇ ਸ਼ਿਰਕਤ ਕੀਤੀ। ਬੁਲਾਰਿਆਂ ਨੇ ਕਿਹਾ ਕਿ ਦੇਵ ਥਰੀਕੇ ਵਾਲਾ ਨੇ ਪੰਜਾਬੀ ਗੀਤਕਾਰੀ ਨੂੰ ਨਵੀਆਂ ਬੁਲੰਦੀਆਂ ਤੱਕ ਪਹੁੰਚਾਇਆ ਅਤੇ ਉਨ੍ਹਾਂ ਦੇ ਲਿਖੇ ਗੀਤ ਅੱਜ ਵੀ ਲੋਕਾਂ ਦੀ ਜ਼ੁਬਾਨ ਤੇ ਹਨ। ਇਸ ਮੌਕੇ ਕਵੀ ਦਰਬਾਰ ਵੀ ਕਰਵਾਇਆ ਗਿਆ ਜਿਸ ਵਿੱਚ ਕਵੀਆਂ ਨੇ ਆਪਣੀਆਂ ਰਚਨਾਵਾਂ ਪੇਸ਼ ਕੀਤੀਆਂ।
ਫਰੀਡਮ ਫਾਈਟਰ ਜ਼ਿਲਾ ਗੁਰਦਾਸਪੁਰ ਅਤੇ ਪਠਾਨਕੋਟ ਫੈਮਿਲੀ ਵੈਲਫੇਅਰ ਐਸੋਸੀਏਸ਼ਨ ਦੀ ਮਹੀਨਾਵਾਰ ਮੀਟਿੰਗ ਹੋਈ
ਕਾਹਨੂੰਵਾਨ 20 ਸਤੰਬਰ (ਹਰਜਸ਼ਨ ਸਿੰਘ ਸੇਠੀ) ਫਰੀਡਮ ਫਾਈਟਰ ਫੈਮਿਲੀ ਵੈਲਫੇਅਰ ਐਸੋਸੀਏਸ਼ਨ ਜ਼ਿਲਾ ਗੁਰਦਾਸਪੁਰ ਅਤੇ ਪਠਾਨਕੋਟ ਦੀ ਮਹੀਨਾਵਾਰ ਮੀਟਿੰਗ ਸ੍ਰੀ ਗੁਰਦੁਆਰਾ ਸਾਹਿਬ ਵਿਖੇ ਹੋਈ। ਮੀਟਿੰਗ ਵਿੱਚ ਆਜ਼ਾਦੀ ਘੁਲਾਟੀਆਂ ਦੇ ਪਰਿਵਾਰਾਂ ਦੀਆਂ ਮੰਗਾਂ ਸਬੰਧੀ ਵਿਚਾਰ ਚਰਚਾ ਕੀਤੀ ਗਈ। ਆਗੂਆਂ ਨੇ ਸਰਕਾਰ ਤੋਂ ਮੰਗ ਕੀਤੀ ਕਿ ਆਜ਼ਾਦੀ ਘੁਲਾਟੀਆਂ ਦੇ ਵਾਰਸਾਂ ਨੂੰ ਸਰਕਾਰੀ ਨੌਕਰੀਆਂ ਵਿੱਚ ਰਾਖਵਾਂਕਰਨ ਅਤੇ ਹੋਰ ਸਹੂਲਤਾਂ ਦਿੱਤੀਆਂ ਜਾਣ। ਮੀਟਿੰਗ ਵਿੱਚ ਵੱਡੀ ਗਿਣਤੀ ਵਿੱਚ ਮੈਂਬਰ ਹਾਜ਼ਰ ਸਨ।
ਕਾਹਨੂੰਵਾਨ 20 ਸਤੰਬਰ (ਹਰਜਸ਼ਨ ਸਿੰਘ ਸੇਠੀ) ਫਰੀਡਮ ਫਾਈਟਰ ਫੈਮਿਲੀ ਵੈਲਫੇਅਰ ਐਸੋਸੀਏਸ਼ਨ ਜ਼ਿਲਾ ਗੁਰਦਾਸਪੁਰ ਅਤੇ ਪਠਾਨਕੋਟ ਦੀ ਮਹੀਨਾਵਾਰ ਮੀਟਿੰਗ ਸ੍ਰੀ ਗੁਰਦੁਆਰਾ ਸਾਹਿਬ ਵਿਖੇ ਹੋਈ। ਮੀਟਿੰਗ ਵਿੱਚ ਆਜ਼ਾਦੀ ਘੁਲਾਟੀਆਂ ਦੇ ਪਰਿਵਾਰਾਂ ਦੀਆਂ ਮੰਗਾਂ ਸਬੰਧੀ ਵਿਚਾਰ ਚਰਚਾ ਕੀਤੀ ਗਈ। ਆਗੂਆਂ ਨੇ ਸਰਕਾਰ ਤੋਂ ਮੰਗ ਕੀਤੀ ਕਿ ਆਜ਼ਾਦੀ ਘੁਲਾਟੀਆਂ ਦੇ ਵਾਰਸਾਂ ਨੂੰ ਸਰਕਾਰੀ ਨੌਕਰੀਆਂ ਵਿੱਚ ਰਾਖਵਾਂਕਰਨ ਅਤੇ ਹੋਰ ਸਹੂਲਤਾਂ ਦਿੱਤੀਆਂ ਜਾਣ। ਮੀਟਿੰਗ ਵਿੱਚ ਵੱਡੀ ਗਿਣਤੀ ਵਿੱਚ ਮੈਂਬਰ ਹਾਜ਼ਰ ਸਨ।
